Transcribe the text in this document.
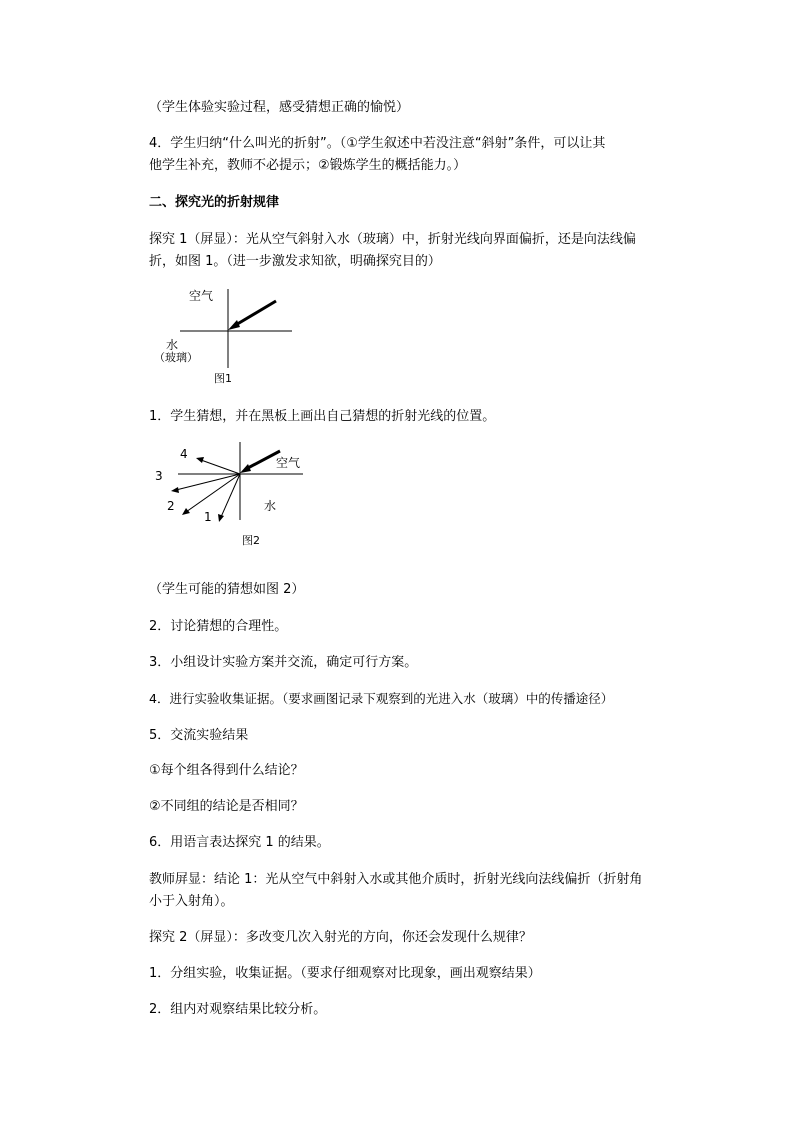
（学生体验实验过程，感受猜想正确的愉悦）

4．学生归纳“什么叫光的折射”。（①学生叙述中若没注意“斜射”条件，可以让其

他学生补充，教师不必提示；②锻炼学生的概括能力。）

二、探究光的折射规律

探究 1（屏显）：光从空气斜射入水（玻璃）中，折射光线向界面偏折，还是向法线偏

折，如图 1。（进一步激发求知欲，明确探究目的）

空气
水
（玻璃）
图1

1．学生猜想，并在黑板上画出自己猜想的折射光线的位置。

4
3
2
1
空气
水
图2

（学生可能的猜想如图 2）

2．讨论猜想的合理性。

3．小组设计实验方案并交流，确定可行方案。

4．进行实验收集证据。（要求画图记录下观察到的光进入水（玻璃）中的传播途径）

5．交流实验结果

①每个组各得到什么结论？

②不同组的结论是否相同？

6．用语言表达探究 1 的结果。

教师屏显：结论 1：光从空气中斜射入水或其他介质时，折射光线向法线偏折（折射角

小于入射角）。

探究 2（屏显）：多改变几次入射光的方向，你还会发现什么规律？

1．分组实验，收集证据。（要求仔细观察对比现象，画出观察结果）

2．组内对观察结果比较分析。
